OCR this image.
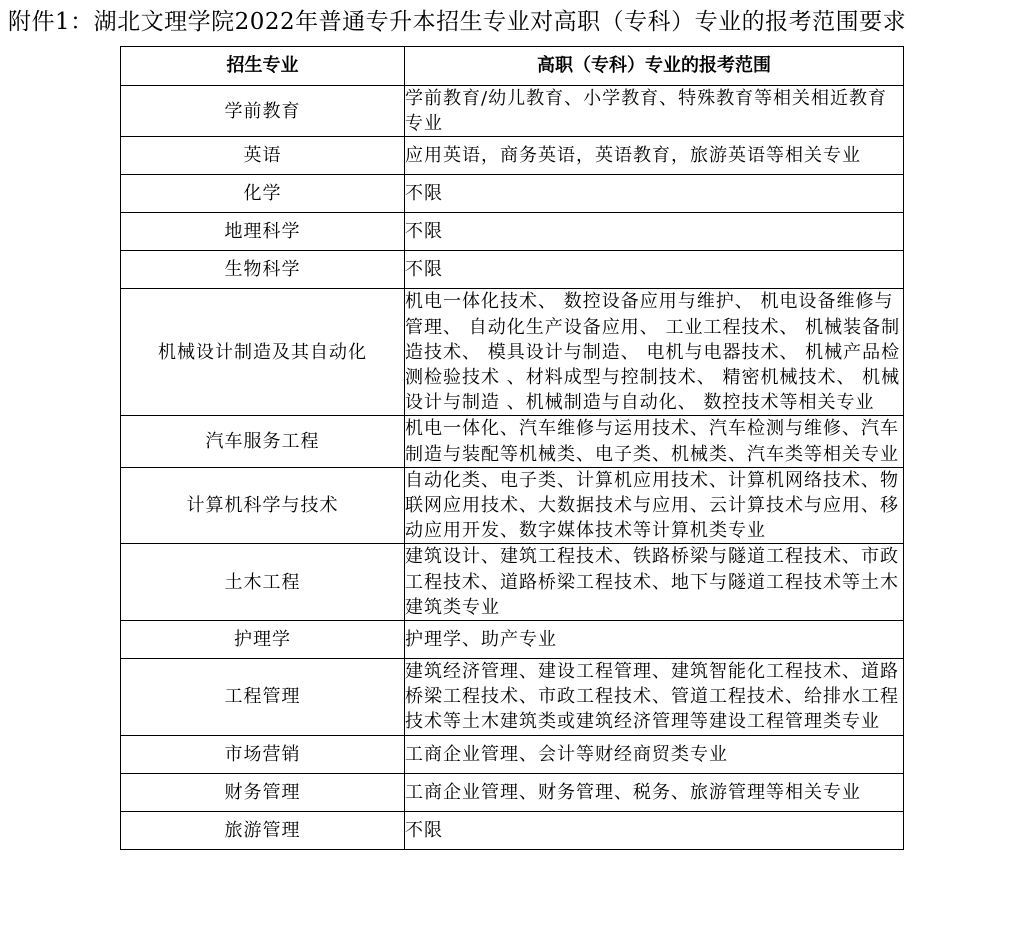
附件1：湖北文理学院2022年普通专升本招生专业对高职（专科）专业的报考范围要求
招生专业	高职（专科）专业的报考范围
学前教育	学前教育/幼儿教育、小学教育、特殊教育等相关相近教育专业
英语	应用英语，商务英语，英语教育，旅游英语等相关专业
化学	不限
地理科学	不限
生物科学	不限
机械设计制造及其自动化	机电一体化技术、 数控设备应用与维护、 机电设备维修与管理、 自动化生产设备应用、 工业工程技术、 机械装备制造技术、 模具设计与制造、 电机与电器技术、 机械产品检测检验技术 、材料成型与控制技术、 精密机械技术、 机械设计与制造 、机械制造与自动化、 数控技术等相关专业
汽车服务工程	机电一体化、汽车维修与运用技术、汽车检测与维修、汽车制造与装配等机械类、电子类、机械类、汽车类等相关专业
计算机科学与技术	自动化类、电子类、计算机应用技术、计算机网络技术、物联网应用技术、大数据技术与应用、云计算技术与应用、移动应用开发、数字媒体技术等计算机类专业
土木工程	建筑设计、建筑工程技术、铁路桥梁与隧道工程技术、市政工程技术、道路桥梁工程技术、地下与隧道工程技术等土木建筑类专业
护理学	护理学、助产专业
工程管理	建筑经济管理、建设工程管理、建筑智能化工程技术、道路桥梁工程技术、市政工程技术、管道工程技术、给排水工程技术等土木建筑类或建筑经济管理等建设工程管理类专业
市场营销	工商企业管理、会计等财经商贸类专业
财务管理	工商企业管理、财务管理、税务、旅游管理等相关专业
旅游管理	不限
